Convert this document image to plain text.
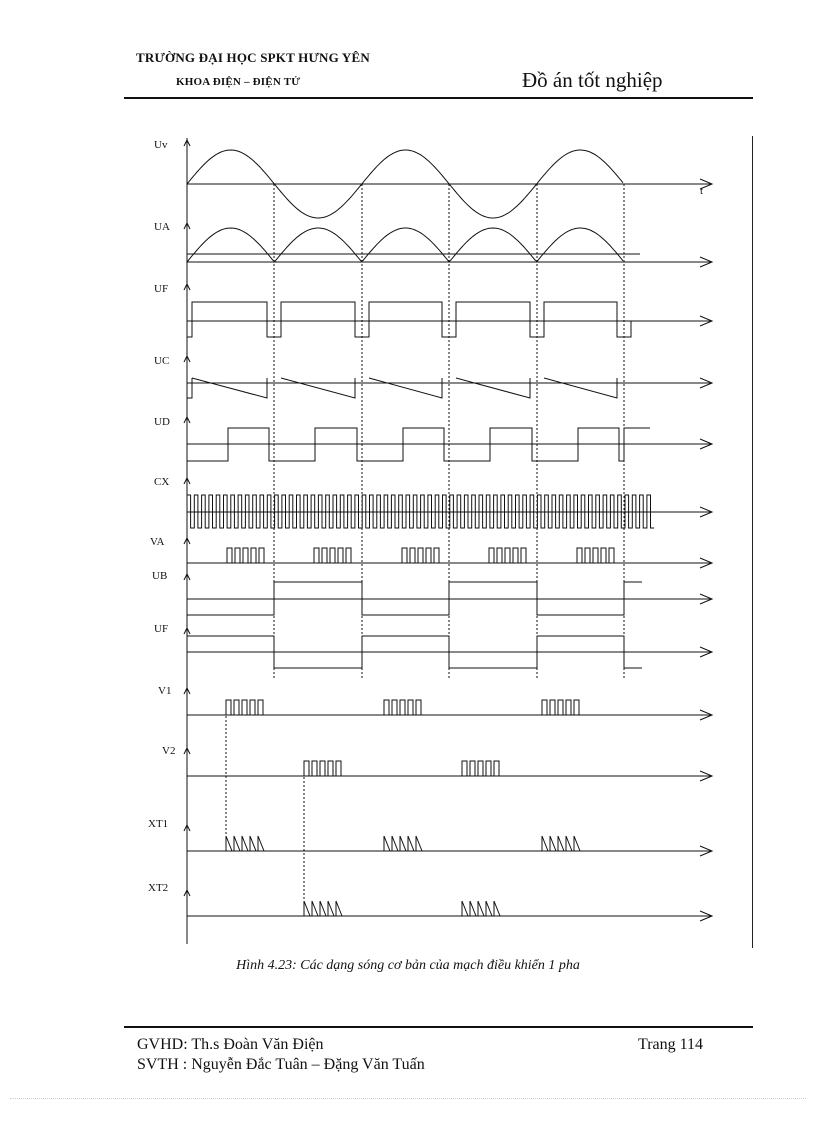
TRƯỜNG ĐẠI HỌC SPKT HƯNG YÊN
KHOA ĐIỆN – ĐIỆN TỬ	Đồ án tốt nghiệp
Uv
UA
UF
UC
UD
CX
VA
UB
UF
V1
V2
XT1
XT2
t
Hình 4.23: Các dạng sóng cơ bản của mạch điều khiển 1 pha
GVHD: Th.s Đoàn Văn Điện
SVTH : Nguyễn Đắc Tuân – Đặng Văn Tuấn
Trang 114
